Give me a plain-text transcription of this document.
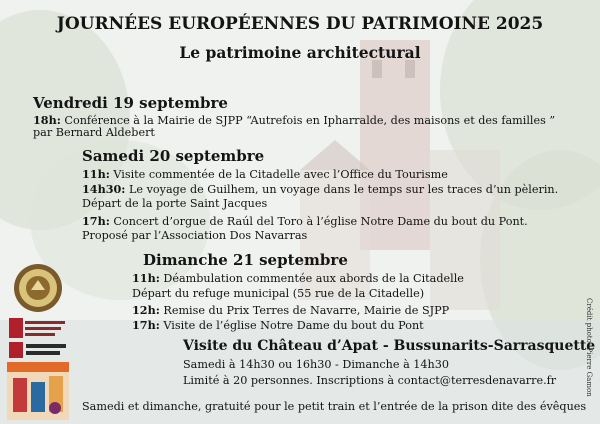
JOURNÉES EUROPÉENNES DU PATRIMOINE 2025
Le patrimoine architectural
Vendredi 19 septembre
18h: Conférence à la Mairie de SJPP “Autrefois en Ipharralde, des maisons et des familles ”
par Bernard Aldebert
Samedi 20 septembre
11h: Visite commentée de la Citadelle avec l’Office du Tourisme
14h30: Le voyage de Guilhem, un voyage dans le temps sur les traces d’un pèlerin.
Départ de la porte Saint Jacques
17h: Concert d’orgue de Raúl del Toro à l’église Notre Dame du bout du Pont.
Proposé par l’Association Dos Navarras
Dimanche 21 septembre
11h: Déambulation commentée aux abords de la Citadelle
Départ du refuge municipal (55 rue de la Citadelle)
12h: Remise du Prix Terres de Navarre, Mairie de SJPP
17h: Visite de l’église Notre Dame du bout du Pont
Visite du Château d’Apat - Bussunarits-Sarrasquette
Samedi à 14h30 ou 16h30 - Dimanche à 14h30
Limité à 20 personnes. Inscriptions à contact@terresdenavarre.fr
Samedi et dimanche, gratuité pour le petit train et l’entrée de la prison dite des évêques
Crédit photo: Pierre Gamon
